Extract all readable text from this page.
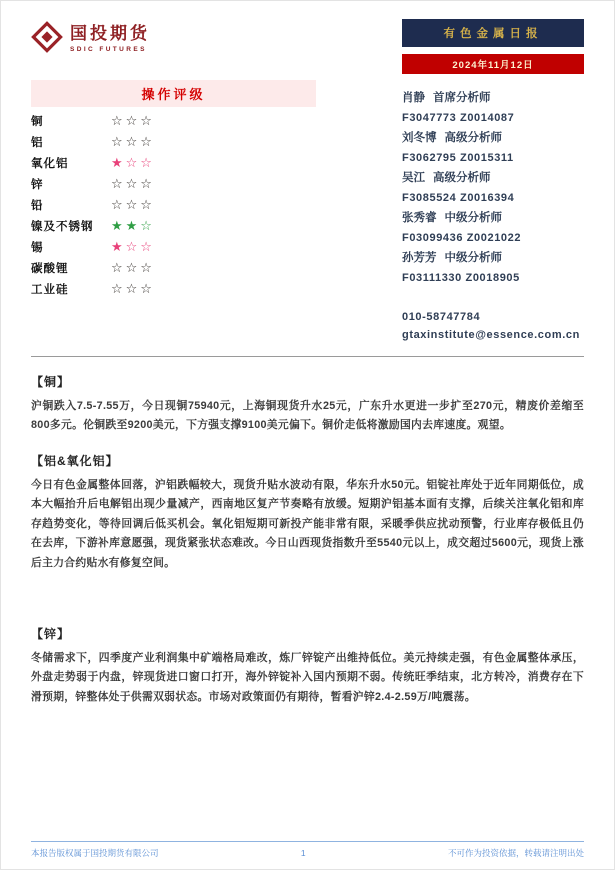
国投期货
SDIC FUTURES
有色金属日报
2024年11月12日
操作评级
铜	☆☆☆
铝	☆☆☆
氧化铝	★☆☆
锌	☆☆☆
铅	☆☆☆
镍及不锈钢	★★☆
锡	★☆☆
碳酸锂	☆☆☆
工业硅	☆☆☆
肖静 首席分析师
F3047773 Z0014087
刘冬博 高级分析师
F3062795 Z0015311
吴江 高级分析师
F3085524 Z0016394
张秀睿 中级分析师
F03099436 Z0021022
孙芳芳 中级分析师
F03111330 Z0018905
010-58747784
gtaxinstitute@essence.com.cn
【铜】

沪铜跌入7.5-7.55万，今日现铜75940元，上海铜现货升水25元，广东升水更进一步扩至270元，精废价差缩至800多元。伦铜跌至9200美元，下方强支撑9100美元偏下。铜价走低将激励国内去库速度。观望。

【铝&氧化铝】

今日有色金属整体回落，沪铝跌幅较大，现货升贴水波动有限，华东升水50元。铝锭社库处于近年同期低位，成本大幅抬升后电解铝出现少量减产，西南地区复产节奏略有放缓。短期沪铝基本面有支撑，后续关注氧化铝和库存趋势变化，等待回调后低买机会。氧化铝短期可新投产能非常有限，采暖季供应扰动预警，行业库存极低且仍在去库，下游补库意愿强，现货紧张状态难改。今日山西现货指数升至5540元以上，成交超过5600元，现货上涨后主力合约贴水有修复空间。

【锌】

冬储需求下，四季度产业利润集中矿端格局难改，炼厂锌锭产出维持低位。美元持续走强，有色金属整体承压，外盘走势弱于内盘，锌现货进口窗口打开，海外锌锭补入国内预期不弱。传统旺季结束，北方转冷，消费存在下滑预期，锌整体处于供需双弱状态。市场对政策面仍有期待，暂看沪锌2.4-2.59万/吨震荡。

本报告版权属于国投期货有限公司	1	不可作为投资依据，转载请注明出处
